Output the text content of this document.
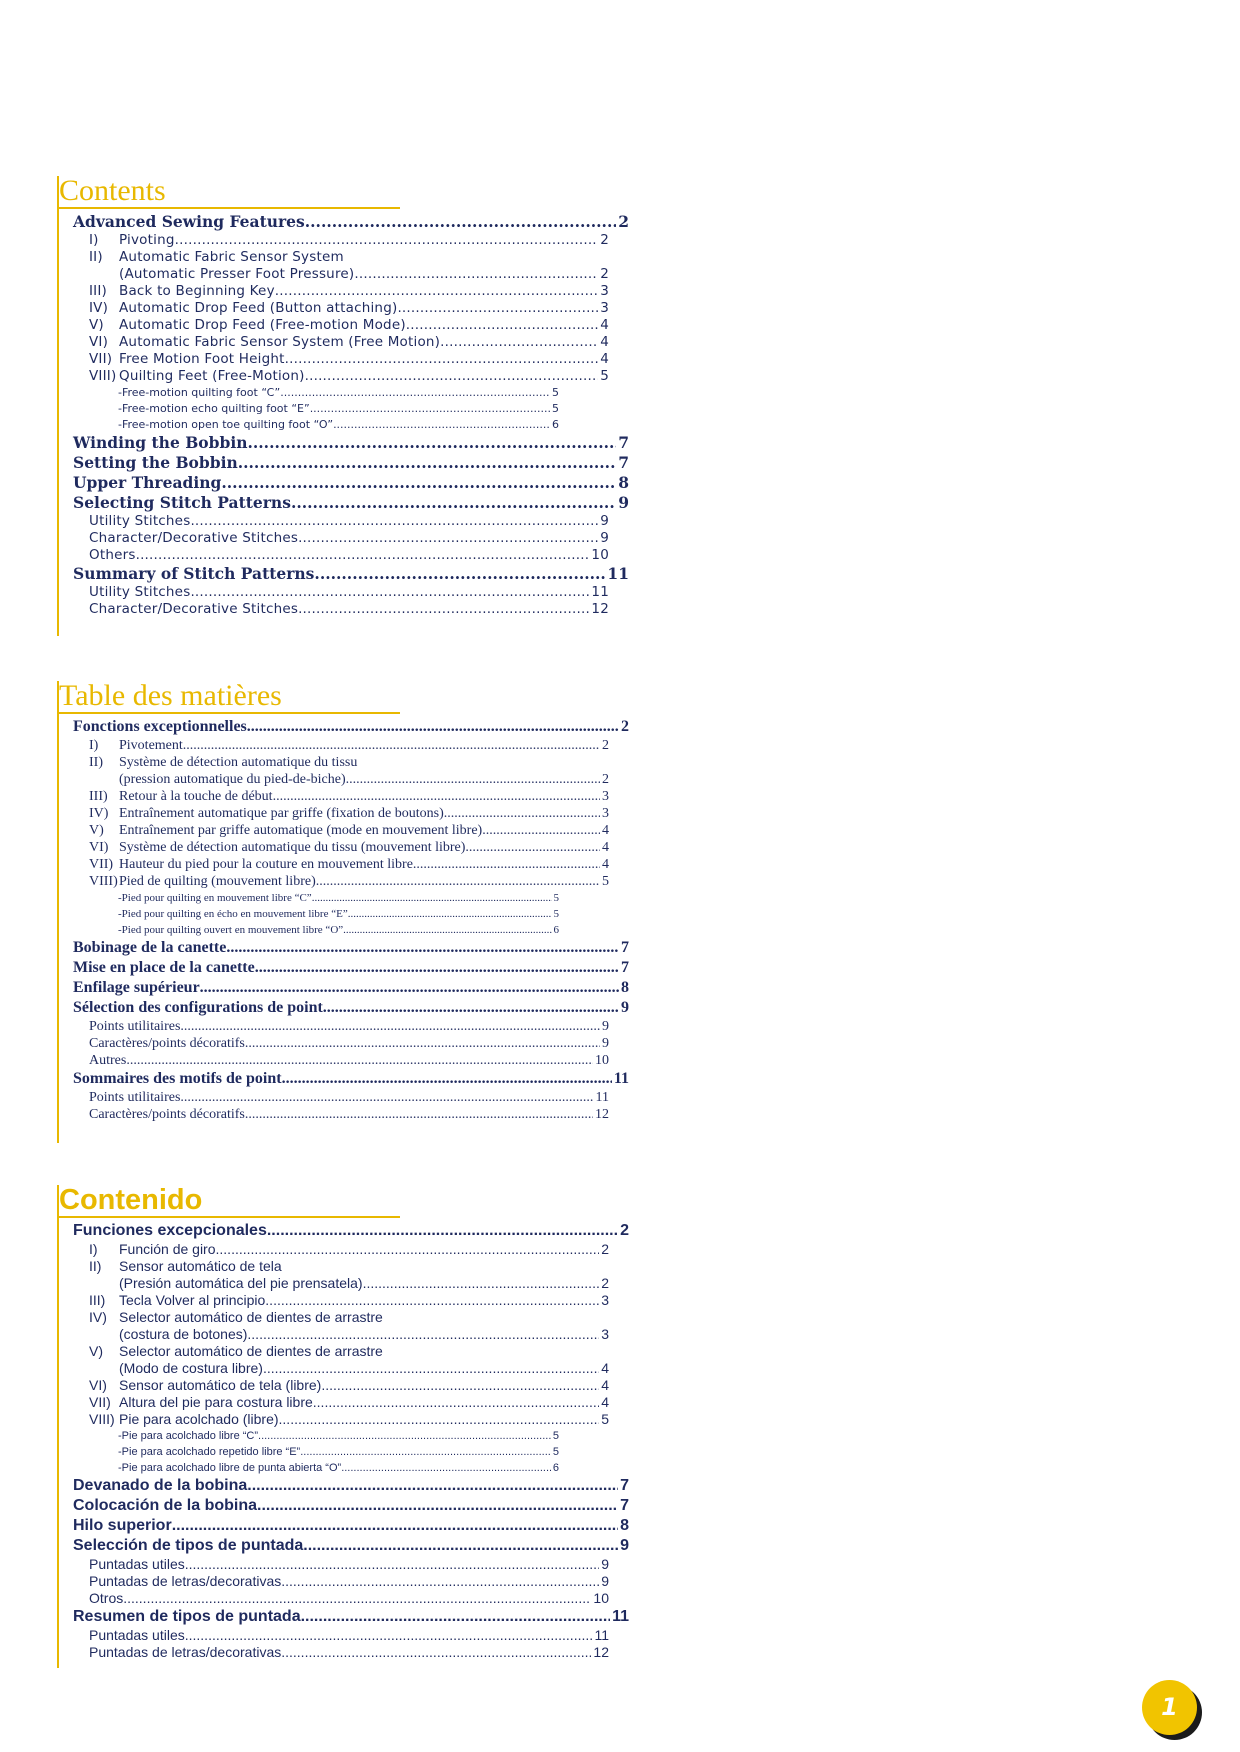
Contents
Advanced Sewing Features .....	2
I) Pivoting .....	2
II) Automatic Fabric Sensor System
(Automatic Presser Foot Pressure) .....	2
III) Back to Beginning Key .....	3
IV) Automatic Drop Feed (Button attaching) .....	3
V) Automatic Drop Feed (Free-motion Mode) .....	4
VI) Automatic Fabric Sensor System (Free Motion) .....	4
VII) Free Motion Foot Height .....	4
VIII) Quilting Feet (Free-Motion) .....	5
-Free-motion quilting foot “C” .....	5
-Free-motion echo quilting foot “E” .....	5
-Free-motion open toe quilting foot “O” .....	6
Winding the Bobbin .....	7
Setting the Bobbin .....	7
Upper Threading .....	8
Selecting Stitch Patterns .....	9
Utility Stitches .....	9
Character/Decorative Stitches .....	9
Others .....	10
Summary of Stitch Patterns .....	11
Utility Stitches .....	11
Character/Decorative Stitches .....	12
Table des matières
Fonctions exceptionnelles .....	2
I) Pivotement .....	2
II) Système de détection automatique du tissu
(pression automatique du pied-de-biche) .....	2
III) Retour à la touche de début .....	3
IV) Entraînement automatique par griffe (fixation de boutons) .....	3
V) Entraînement par griffe automatique (mode en mouvement libre) .....	4
VI) Système de détection automatique du tissu (mouvement libre) .....	4
VII) Hauteur du pied pour la couture en mouvement libre .....	4
VIII)Pied de quilting (mouvement libre) .....	5
-Pied pour quilting en mouvement libre “C” .....	5
-Pied pour quilting en écho en mouvement libre “E” .....	5
-Pied pour quilting ouvert en mouvement libre “O” .....	6
Bobinage de la canette .....	7
Mise en place de la canette .....	7
Enfilage supérieur .....	8
Sélection des configurations de point .....	9
Points utilitaires .....	9
Caractères/points décoratifs .....	9
Autres .....	10
Sommaires des motifs de point .....	11
Points utilitaires .....	11
Caractères/points décoratifs .....	12
Contenido
Funciones excepcionales .....	2
I) Función de giro .....	2
II) Sensor automático de tela
(Presión automática del pie prensatela) .....	2
III) Tecla Volver al principio .....	3
IV) Selector automático de dientes de arrastre
(costura de botones) .....	3
V) Selector automático de dientes de arrastre
(Modo de costura libre) .....	4
VI) Sensor automático de tela (libre) .....	4
VII) Altura del pie para costura libre .....	4
VIII) Pie para acolchado (libre) .....	5
-Pie para acolchado libre “C” .....	5
-Pie para acolchado repetido libre “E” .....	5
-Pie para acolchado libre de punta abierta “O” .....	6
Devanado de la bobina .....	7
Colocación de la bobina .....	7
Hilo superior .....	8
Selección de tipos de puntada .....	9
Puntadas utiles .....	9
Puntadas de letras/decorativas .....	9
Otros .....	10
Resumen de tipos de puntada .....	11
Puntadas utiles .....	11
Puntadas de letras/decorativas .....	12
1
